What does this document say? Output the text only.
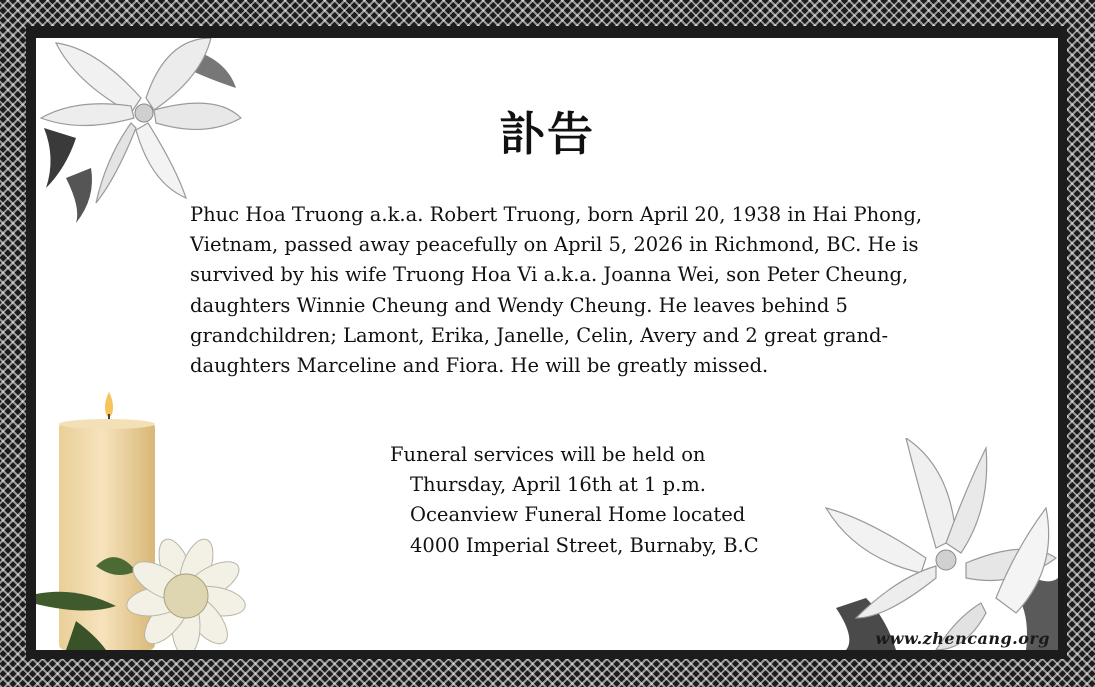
訃告

Phuc Hoa Truong a.k.a. Robert Truong, born April 20, 1938 in Hai Phong, Vietnam, passed away peacefully on April 5, 2026 in Richmond, BC. He is survived by his wife Truong Hoa Vi a.k.a. Joanna Wei, son Peter Cheung, daughters Winnie Cheung and Wendy Cheung. He leaves behind 5 grandchildren; Lamont, Erika, Janelle, Celin, Avery and 2 great grand-daughters Marceline and Fiora. He will be greatly missed.

Funeral services will be held on
Thursday, April 16th at 1 p.m.
Oceanview Funeral Home located
4000 Imperial Street, Burnaby, B.C
www.zhencang.org
